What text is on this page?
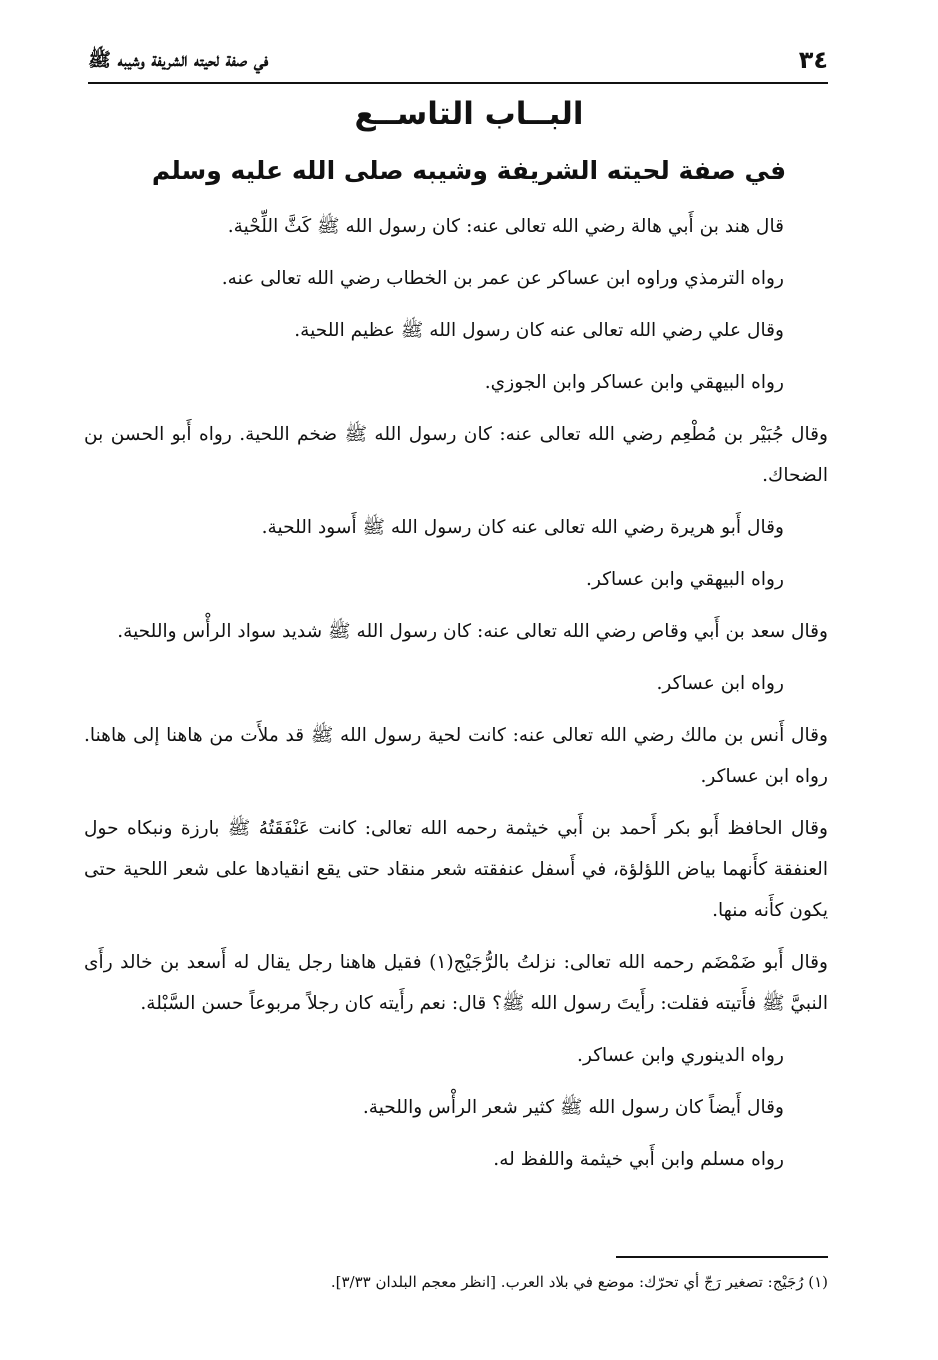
٣٤
في صفة لحيته الشريفة وشيبه ﷺ
البــاب التاســع
في صفة لحيته الشريفة وشيبه صلى الله عليه وسلم

قال هند بن أَبي هالة رضي الله تعالى عنه: كان رسول الله ﷺ كَثَّ اللِّحْية.

رواه الترمذي وراوه ابن عساكر عن عمر بن الخطاب رضي الله تعالى عنه.

وقال علي رضي الله تعالى عنه كان رسول الله ﷺ عظيم اللحية.

رواه البيهقي وابن عساكر وابن الجوزي.

وقال جُبَيْر بن مُطْعِم رضي الله تعالى عنه: كان رسول الله ﷺ ضخم اللحية. رواه أَبو الحسن بن الضحاك.

وقال أَبو هريرة رضي الله تعالى عنه كان رسول الله ﷺ أَسود اللحية.

رواه البيهقي وابن عساكر.

وقال سعد بن أَبي وقاص رضي الله تعالى عنه: كان رسول الله ﷺ شديد سواد الرأْس واللحية.

رواه ابن عساكر.

وقال أَنس بن مالك رضي الله تعالى عنه: كانت لحية رسول الله ﷺ قد ملأَت من هاهنا إلى هاهنا. رواه ابن عساكر.

وقال الحافظ أَبو بكر أَحمد بن أَبي خيثمة رحمه الله تعالى: كانت عَنْفَقَتُهُ ﷺ بارزة ونبكاه حول العنفقة كأَنهما بياض اللؤلؤة، في أَسفل عنفقته شعر منقاد حتى يقع انقيادها على شعر اللحية حتى يكون كأَنه منها.

وقال أَبو ضَمْضَم رحمه الله تعالى: نزلتُ بالرُّجَيْج(١) فقيل هاهنا رجل يقال له أَسعد بن خالد رأَى النبيَّ ﷺ فأَتيته فقلت: رأَيتَ رسول الله ﷺ؟ قال: نعم رأَيته كان رجلاً مربوعاً حسن السَّبْلة.

رواه الدينوري وابن عساكر.

وقال أَيضاً كان رسول الله ﷺ كثير شعر الرأْس واللحية.

رواه مسلم وابن أَبي خيثمة واللفظ له.

(١) رُجَيْج: تصغير رَجّ أي تحرّك: موضع في بلاد العرب. [انظر معجم البلدان ٣/٣٣].
